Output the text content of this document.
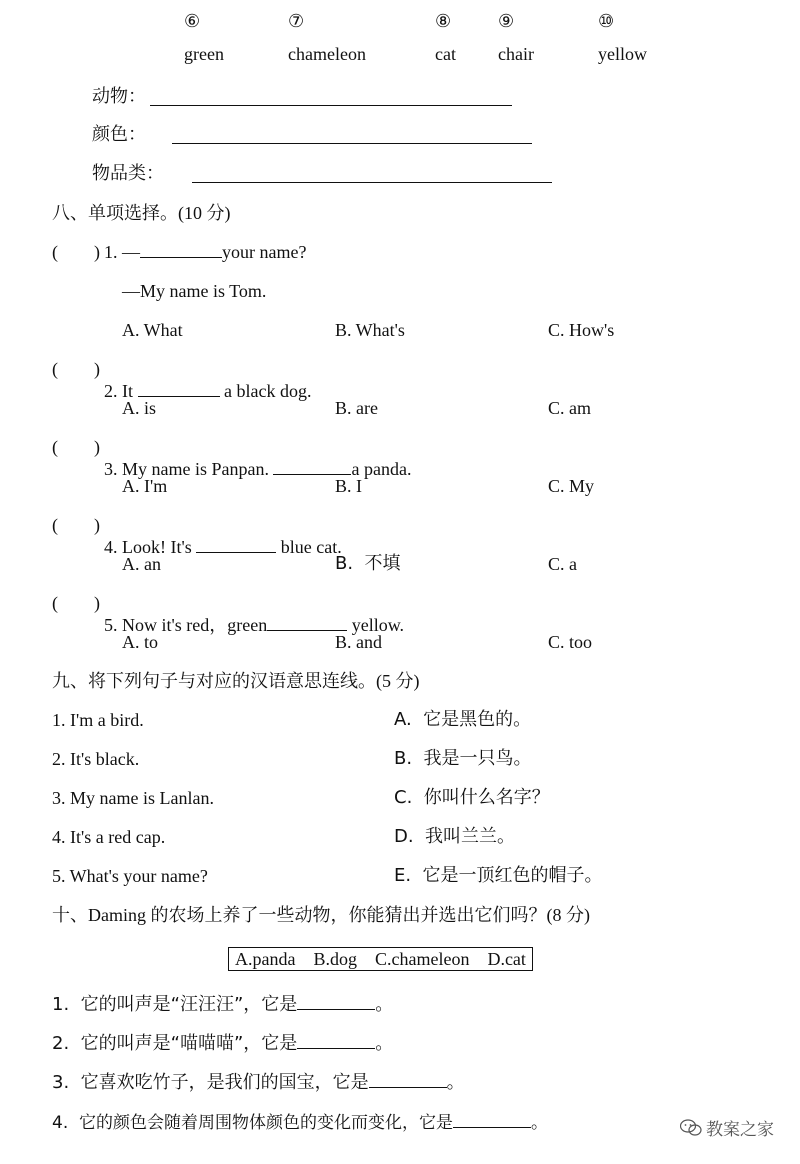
⑥
green
⑦
chameleon
⑧
cat
⑨
chair
⑩
yellow
动物：
颜色：
物品类：
八、单项选择。(10 分)
(        ) 1. —	your name?
—My name is Tom.
A. What	B. What's	C. How's
(        )

2. It	a black dog.
A. is	B. are	C. am
(        )

3. My name is Panpan.	a panda.
A. I'm	B. I	C. My
(        )

4. Look! It's	blue cat.
A. an	B.  不填	C. a
(        )

5. Now it's red，green	yellow.
A. to	B. and	C. too
九、将下列句子与对应的汉语意思连线。(5 分)
1. I'm a bird.	A.  它是黑色的。
2. It's black.	B.  我是一只鸟。
3. My name is Lanlan.	C.  你叫什么名字？
4. It's a red cap.	D.  我叫兰兰。
5. What's your name?	E.  它是一顶红色的帽子。
十、Daming 的农场上养了一些动物，你能猜出并选出它们吗？(8 分)
A.panda    B.dog    C.chameleon    D.cat
1.  它的叫声是“汪汪汪”，它是	。
2.  它的叫声是“喵喵喵”，它是	。
3.  它喜欢吃竹子，是我们的国宝，它是	。
4.  它的颜色会随着周围物体颜色的变化而变化，它是	。	教案之家
